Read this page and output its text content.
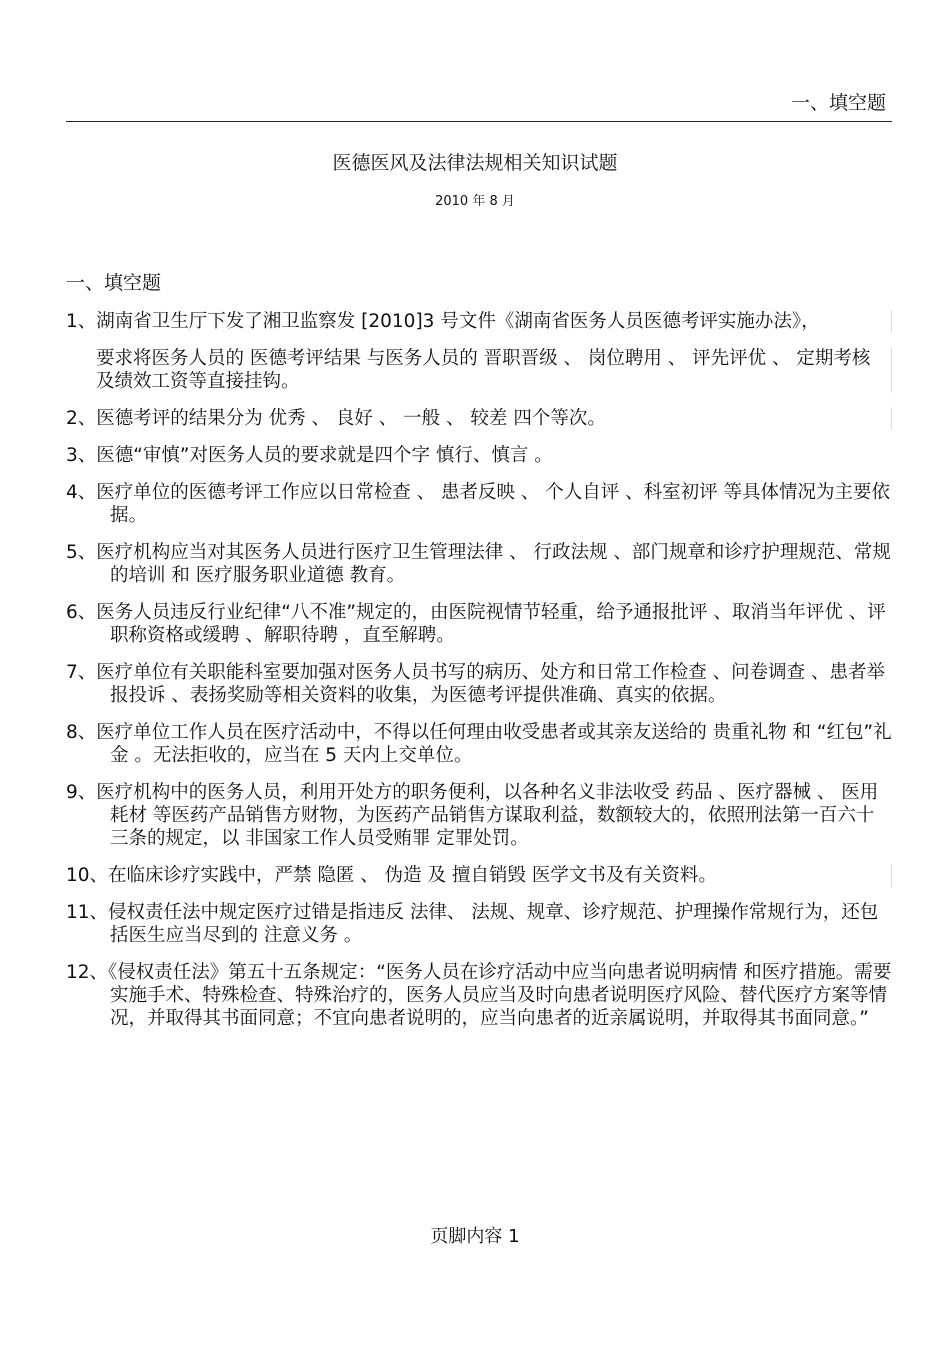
一、填空题
医德医风及法律法规相关知识试题
2010 年 8 月
一、填空题
1、湖南省卫生厅下发了湘卫监察发 [2010]3 号文件《湖南省医务人员医德考评实施办法》，
要求将医务人员的 医德考评结果 与医务人员的 晋职晋级 、 岗位聘用 、 评先评优 、 定期考核 及绩效工资等直接挂钩。
2、医德考评的结果分为 优秀 、 良好 、 一般 、 较差 四个等次。
3、医德“审慎”对医务人员的要求就是四个字 慎行、慎言 。
4、医疗单位的医德考评工作应以日常检查 、 患者反映 、 个人自评 、科室初评 等具体情况为主要依据。
5、医疗机构应当对其医务人员进行医疗卫生管理法律 、 行政法规 、部门规章和诊疗护理规范、常规的培训 和 医疗服务职业道德 教育。
6、医务人员违反行业纪律“八不准”规定的，由医院视情节轻重，给予通报批评 、取消当年评优 、评职称资格或缓聘 、解职待聘 ，直至解聘。
7、医疗单位有关职能科室要加强对医务人员书写的病历、处方和日常工作检查 、问卷调查 、患者举报投诉 、表扬奖励等相关资料的收集，为医德考评提供准确、真实的依据。
8、医疗单位工作人员在医疗活动中，不得以任何理由收受患者或其亲友送给的 贵重礼物 和 “红包”礼金 。无法拒收的，应当在 5 天内上交单位。
9、医疗机构中的医务人员，利用开处方的职务便利，以各种名义非法收受 药品 、医疗器械 、 医用耗材 等医药产品销售方财物，为医药产品销售方谋取利益，数额较大的，依照刑法第一百六十三条的规定，以 非国家工作人员受贿罪 定罪处罚。
10、在临床诊疗实践中，严禁 隐匿 、 伪造 及 擅自销毁 医学文书及有关资料。
11、侵权责任法中规定医疗过错是指违反 法律、 法规、规章、诊疗规范、护理操作常规行为，还包括医生应当尽到的 注意义务 。
12、《侵权责任法》第五十五条规定：“医务人员在诊疗活动中应当向患者说明病情 和医疗措施。需要实施手术、特殊检查、特殊治疗的，医务人员应当及时向患者说明医疗风险、替代医疗方案等情况，并取得其书面同意；不宜向患者说明的，应当向患者的近亲属说明，并取得其书面同意。”
页脚内容 1
